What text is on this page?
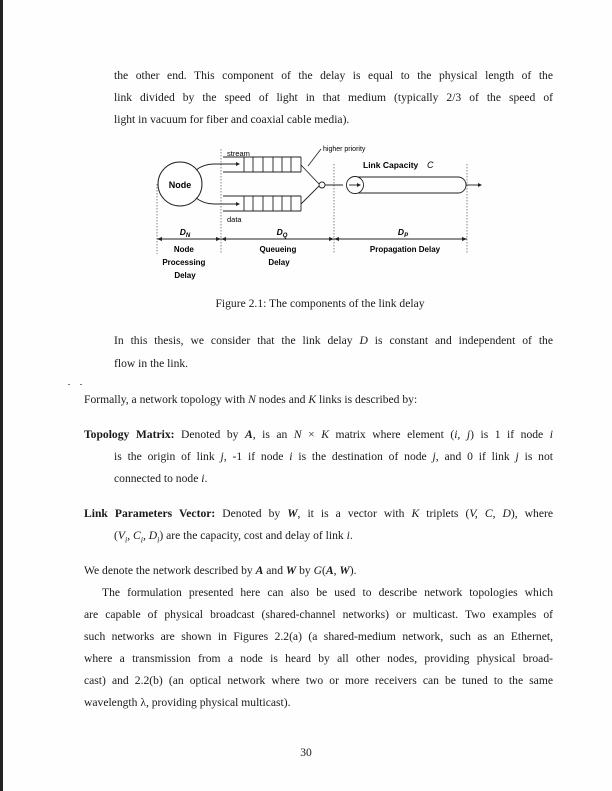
the other end. This component of the delay is equal to the physical length of the
link divided by the speed of light in that medium (typically 2/3 of the speed of
light in vacuum for fiber and coaxial cable media).
Node
stream
data
higher priority
Link Capacity C
$D_N$	$D_Q$	$D_P$
Node Processing Delay
Queueing Delay
Propagation Delay
Figure 2.1: The components of the link delay
In this thesis, we consider that the link delay D is constant and independent of the
flow in the link.
Formally, a network topology with N nodes and K links is described by:
Topology Matrix: Denoted by A, is an N × K matrix where element (i, j) is 1 if node i
is the origin of link j, -1 if node i is the destination of node j, and 0 if link j is not
connected to node i.
Link Parameters Vector: Denoted by W, it is a vector with K triplets (V, C, D), where
($V_i$, $C_i$, $D_i$) are the capacity, cost and delay of link i.
We denote the network described by A and W by G(A, W).
The formulation presented here can also be used to describe network topologies which
are capable of physical broadcast (shared-channel networks) or multicast. Two examples of
such networks are shown in Figures 2.2(a) (a shared-medium network, such as an Ethernet,
where a transmission from a node is heard by all other nodes, providing physical broad-
cast) and 2.2(b) (an optical network where two or more receivers can be tuned to the same
wavelength λ, providing physical multicast).
30
